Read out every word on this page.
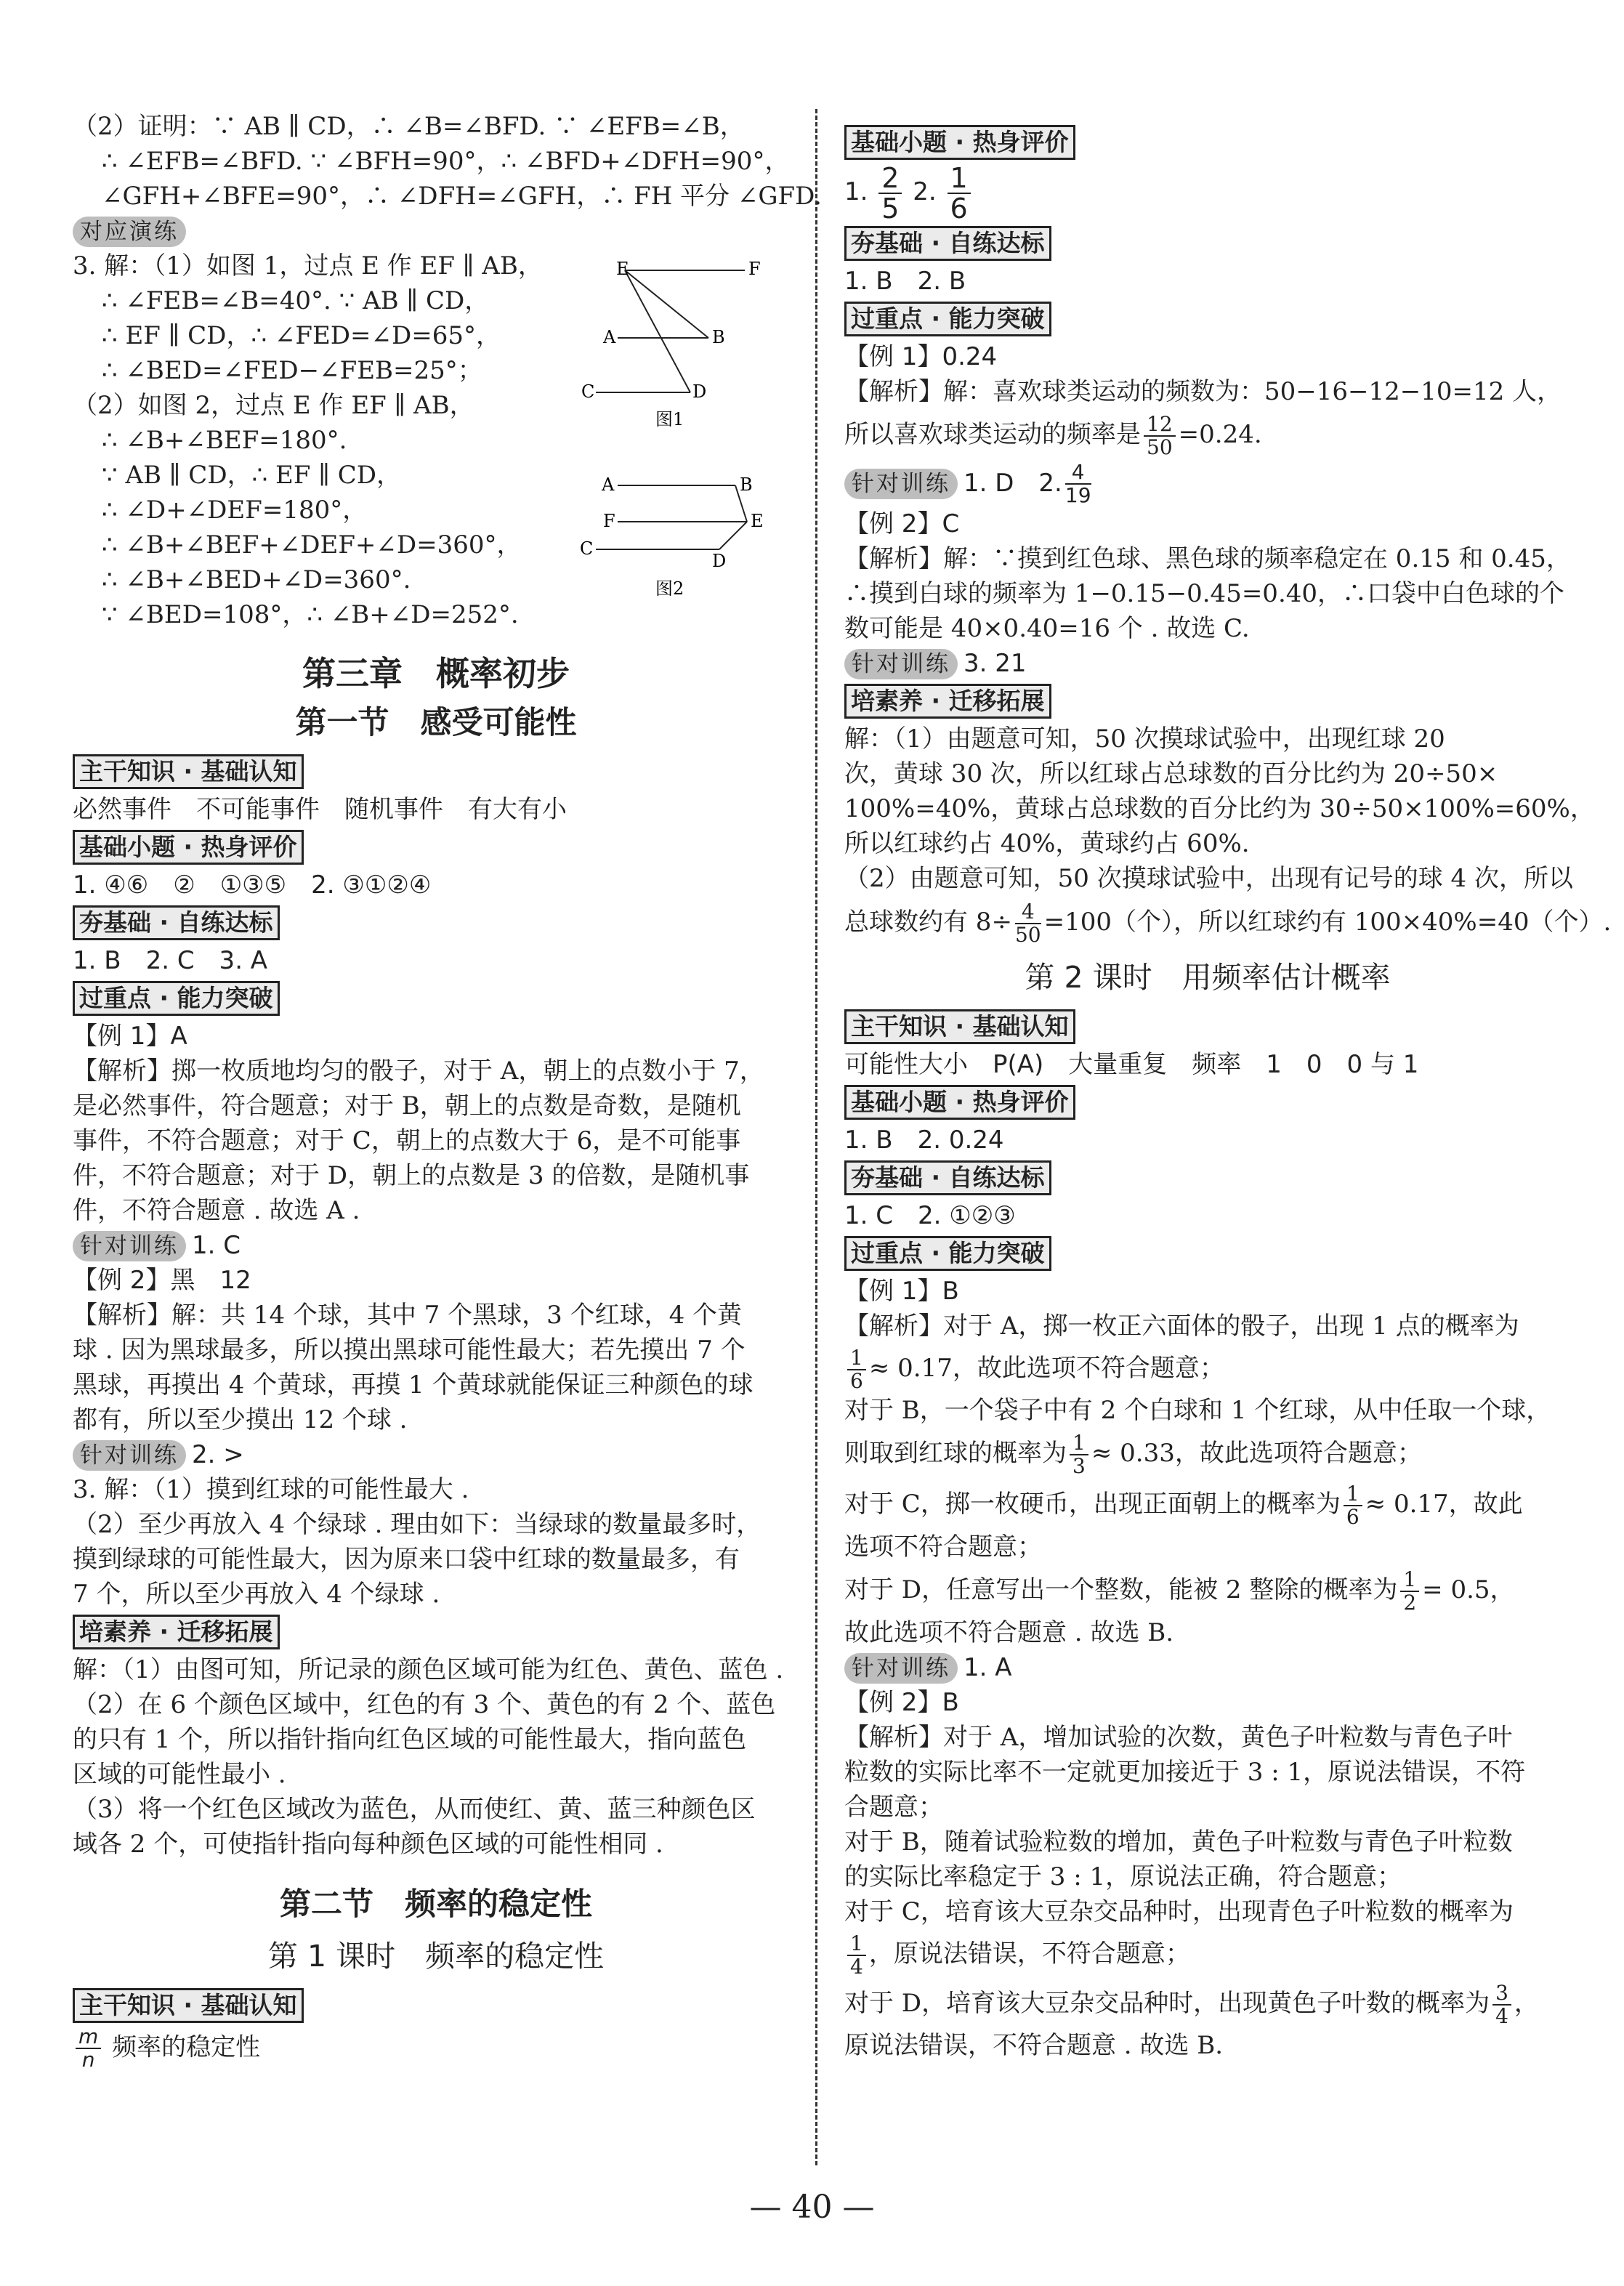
（2）证明：∵ AB ∥ CD，∴ ∠B=∠BFD. ∵ ∠EFB=∠B，

∴ ∠EFB=∠BFD. ∵ ∠BFH=90°，∴ ∠BFD+∠DFH=90°，

∠GFH+∠BFE=90°，∴ ∠DFH=∠GFH，∴ FH 平分 ∠GFD.

对应演练

3. 解：（1）如图 1，过点 E 作 EF ∥ AB，

∴ ∠FEB=∠B=40°. ∵ AB ∥ CD，

∴ EF ∥ CD，∴ ∠FED=∠D=65°，

∴ ∠BED=∠FED−∠FEB=25°；

（2）如图 2，过点 E 作 EF ∥ AB，

∴ ∠B+∠BEF=180°.

∵ AB ∥ CD，∴ EF ∥ CD，

∴ ∠D+∠DEF=180°，

∴ ∠B+∠BEF+∠DEF+∠D=360°，

∴ ∠B+∠BED+∠D=360°.

∵ ∠BED=108°，∴ ∠B+∠D=252°.

第三章　概率初步

第一节　感受可能性

主干知识 · 基础认知

必然事件　不可能事件　随机事件　有大有小

基础小题 · 热身评价

1. ④⑥　②　①③⑤　2. ③①②④

夯基础 · 自练达标

1. B　2. C　3. A

过重点 · 能力突破

【例 1】A

【解析】掷一枚质地均匀的骰子，对于 A，朝上的点数小于 7，

是必然事件，符合题意；对于 B，朝上的点数是奇数，是随机

事件，不符合题意；对于 C，朝上的点数大于 6，是不可能事

件，不符合题意；对于 D，朝上的点数是 3 的倍数，是随机事

件，不符合题意 . 故选 A .

针对训练 1. C

【例 2】黑　12

【解析】解：共 14 个球，其中 7 个黑球，3 个红球，4 个黄

球 . 因为黑球最多，所以摸出黑球可能性最大；若先摸出 7 个

黑球，再摸出 4 个黄球，再摸 1 个黄球就能保证三种颜色的球

都有，所以至少摸出 12 个球 .

针对训练 2. >

3. 解：（1）摸到红球的可能性最大 .

（2）至少再放入 4 个绿球 . 理由如下：当绿球的数量最多时，

摸到绿球的可能性最大，因为原来口袋中红球的数量最多，有

7 个，所以至少再放入 4 个绿球 .

培素养 · 迁移拓展

解：（1）由图可知，所记录的颜色区域可能为红色、黄色、蓝色 .

（2）在 6 个颜色区域中，红色的有 3 个、黄色的有 2 个、蓝色

的只有 1 个，所以指针指向红色区域的可能性最大，指向蓝色

区域的可能性最小 .

（3）将一个红色区域改为蓝色，从而使红、黄、蓝三种颜色区

域各 2 个，可使指针指向每种颜色区域的可能性相同 .

第二节　频率的稳定性

第 1 课时　频率的稳定性

主干知识 · 基础认知

$\frac{m}{n}$ 频率的稳定性

E	F
A	B
C	D
图1
A	B
F	E
C
D
图2
基础小题 · 热身评价

1. $\frac{2}{5} 2$. $\frac{1}{6}$

夯基础 · 自练达标

1. B　2. B

过重点 · 能力突破

【例 1】0.24

【解析】解：喜欢球类运动的频数为：50−16−12−10=12 人，

所以喜欢球类运动的频率是 $\frac{12}{50} =0.24$.

针对训练 1. D　2. $\frac{4}{19}$

【例 2】C

【解析】解：∵摸到红色球、黑色球的频率稳定在 0.15 和 0.45，

∴摸到白球的频率为 1−0.15−0.45=0.40，∴口袋中白色球的个

数可能是 40×0.40=16 个 . 故选 C.

针对训练 3. 21

培素养 · 迁移拓展

解：（1）由题意可知，50 次摸球试验中，出现红球 20

次，黄球 30 次，所以红球占总球数的百分比约为 20÷50×

100%=40%，黄球占总球数的百分比约为 30÷50×100%=60%，

所以红球约占 40%，黄球约占 60%.

（2）由题意可知，50 次摸球试验中，出现有记号的球 4 次，所以

总球数约有 $8\div \frac{4}{50} =100$（个），所以红球约有 100×40%=40（个）.

第 2 课时　用频率估计概率

主干知识 · 基础认知

可能性大小　P(A)　大量重复　频率　1　0　0 与 1

基础小题 · 热身评价

1. B　2. 0.24

夯基础 · 自练达标

1. C　2. ①②③

过重点 · 能力突破

【例 1】B

【解析】对于 A，掷一枚正六面体的骰子，出现 1 点的概率为

$\frac{1}{6} \approx 0.17$，故此选项不符合题意；

对于 B，一个袋子中有 2 个白球和 1 个红球，从中任取一个球，

则取到红球的概率为 $\frac{1}{3} \approx 0.33$，故此选项符合题意；

对于 C，掷一枚硬币，出现正面朝上的概率为 $\frac{1}{6} \approx 0.17$，故此

选项不符合题意；

对于 D，任意写出一个整数，能被 2 整除的概率为 $\frac{1}{2} = 0.5$，

故此选项不符合题意 . 故选 B.

针对训练 1. A

【例 2】B

【解析】对于 A，增加试验的次数，黄色子叶粒数与青色子叶

粒数的实际比率不一定就更加接近于 3 : 1，原说法错误，不符

合题意；

对于 B，随着试验粒数的增加，黄色子叶粒数与青色子叶粒数

的实际比率稳定于 3 : 1，原说法正确，符合题意；

对于 C，培育该大豆杂交品种时，出现青色子叶粒数的概率为

$\frac{1}{4}$ ，原说法错误，不符合题意；

对于 D，培育该大豆杂交品种时，出现黄色子叶数的概率为 $\frac{3}{4}$ ，

原说法错误，不符合题意 . 故选 B.

— 40 —
